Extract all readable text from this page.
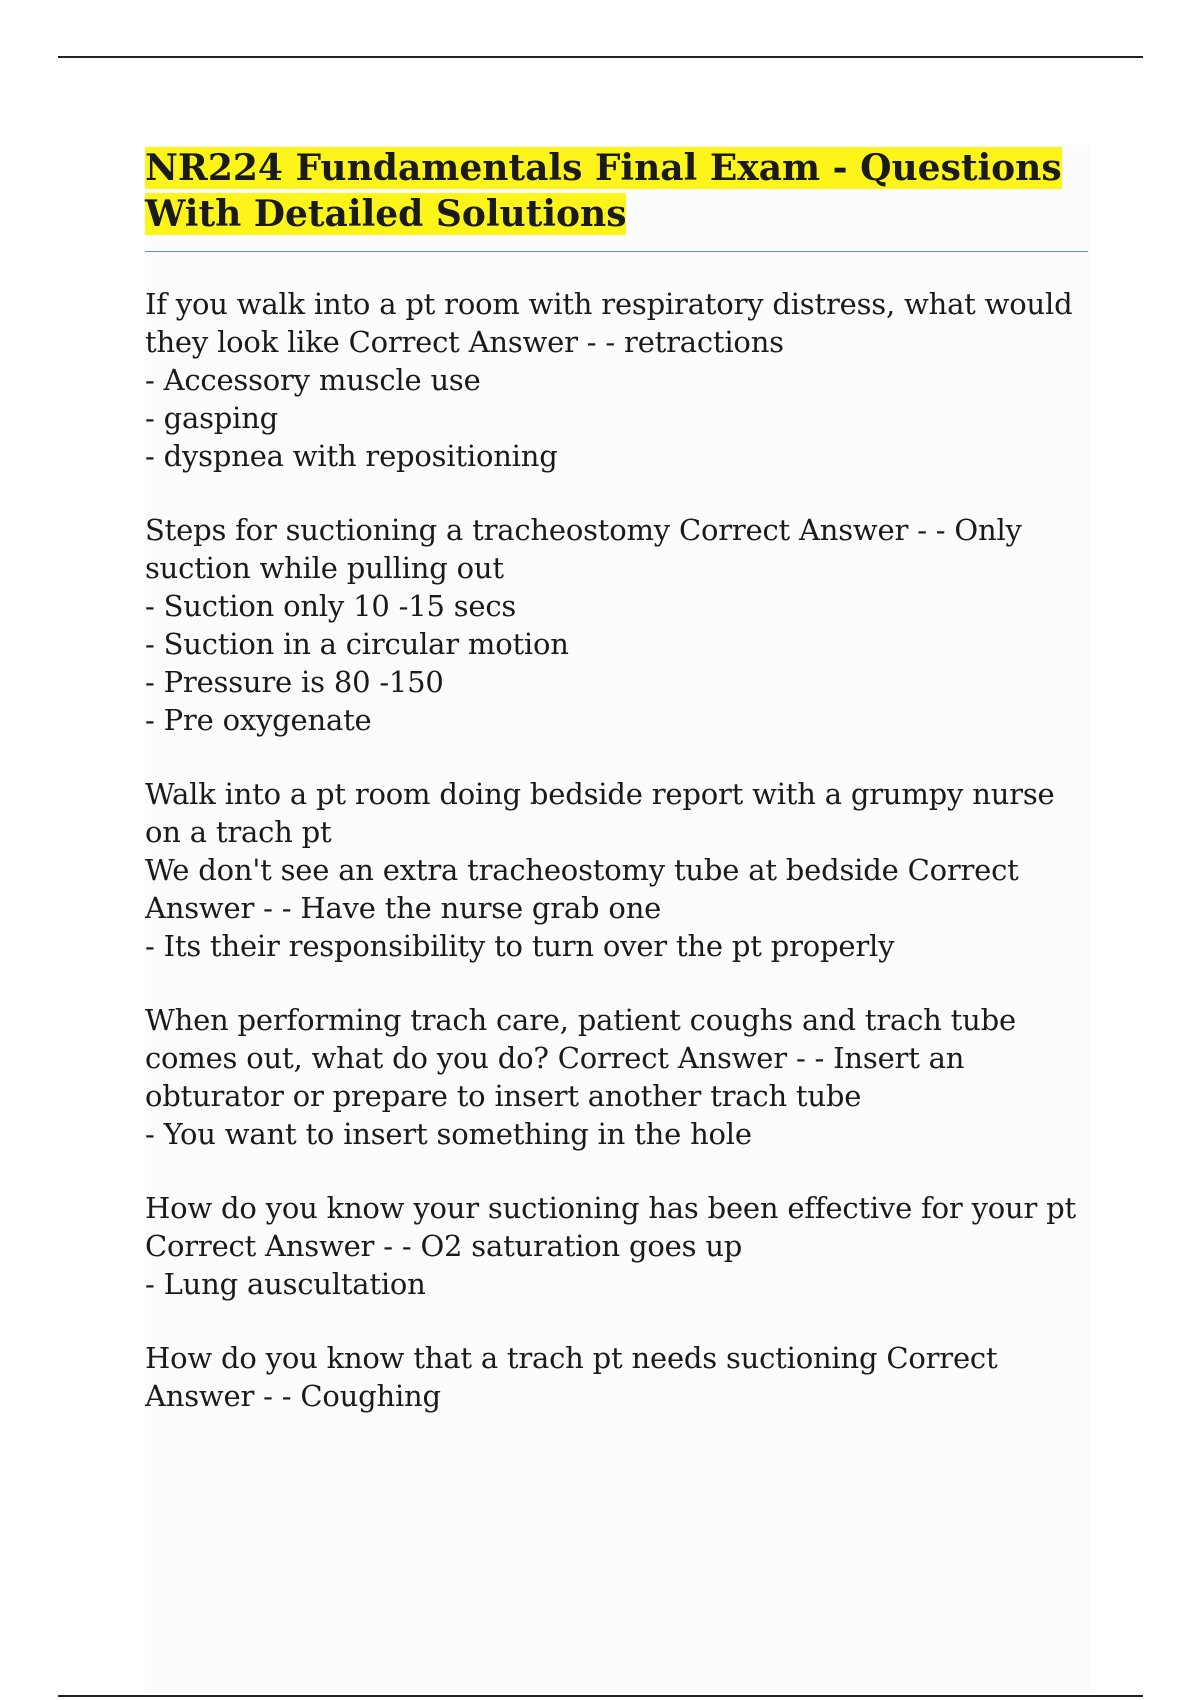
NR224 Fundamentals Final Exam - Questions With Detailed Solutions

If you walk into a pt room with respiratory distress, what would they look like Correct Answer - - retractions
- Accessory muscle use
- gasping
- dyspnea with repositioning

Steps for suctioning a tracheostomy Correct Answer - - Only suction while pulling out
- Suction only 10 -15 secs
- Suction in a circular motion
- Pressure is 80 -150
- Pre oxygenate

Walk into a pt room doing bedside report with a grumpy nurse on a trach pt
We don't see an extra tracheostomy tube at bedside Correct Answer - - Have the nurse grab one
- Its their responsibility to turn over the pt properly

When performing trach care, patient coughs and trach tube comes out, what do you do? Correct Answer - - Insert an obturator or prepare to insert another trach tube
- You want to insert something in the hole

How do you know your suctioning has been effective for your pt Correct Answer - - O2 saturation goes up
- Lung auscultation

How do you know that a trach pt needs suctioning Correct Answer - - Coughing
